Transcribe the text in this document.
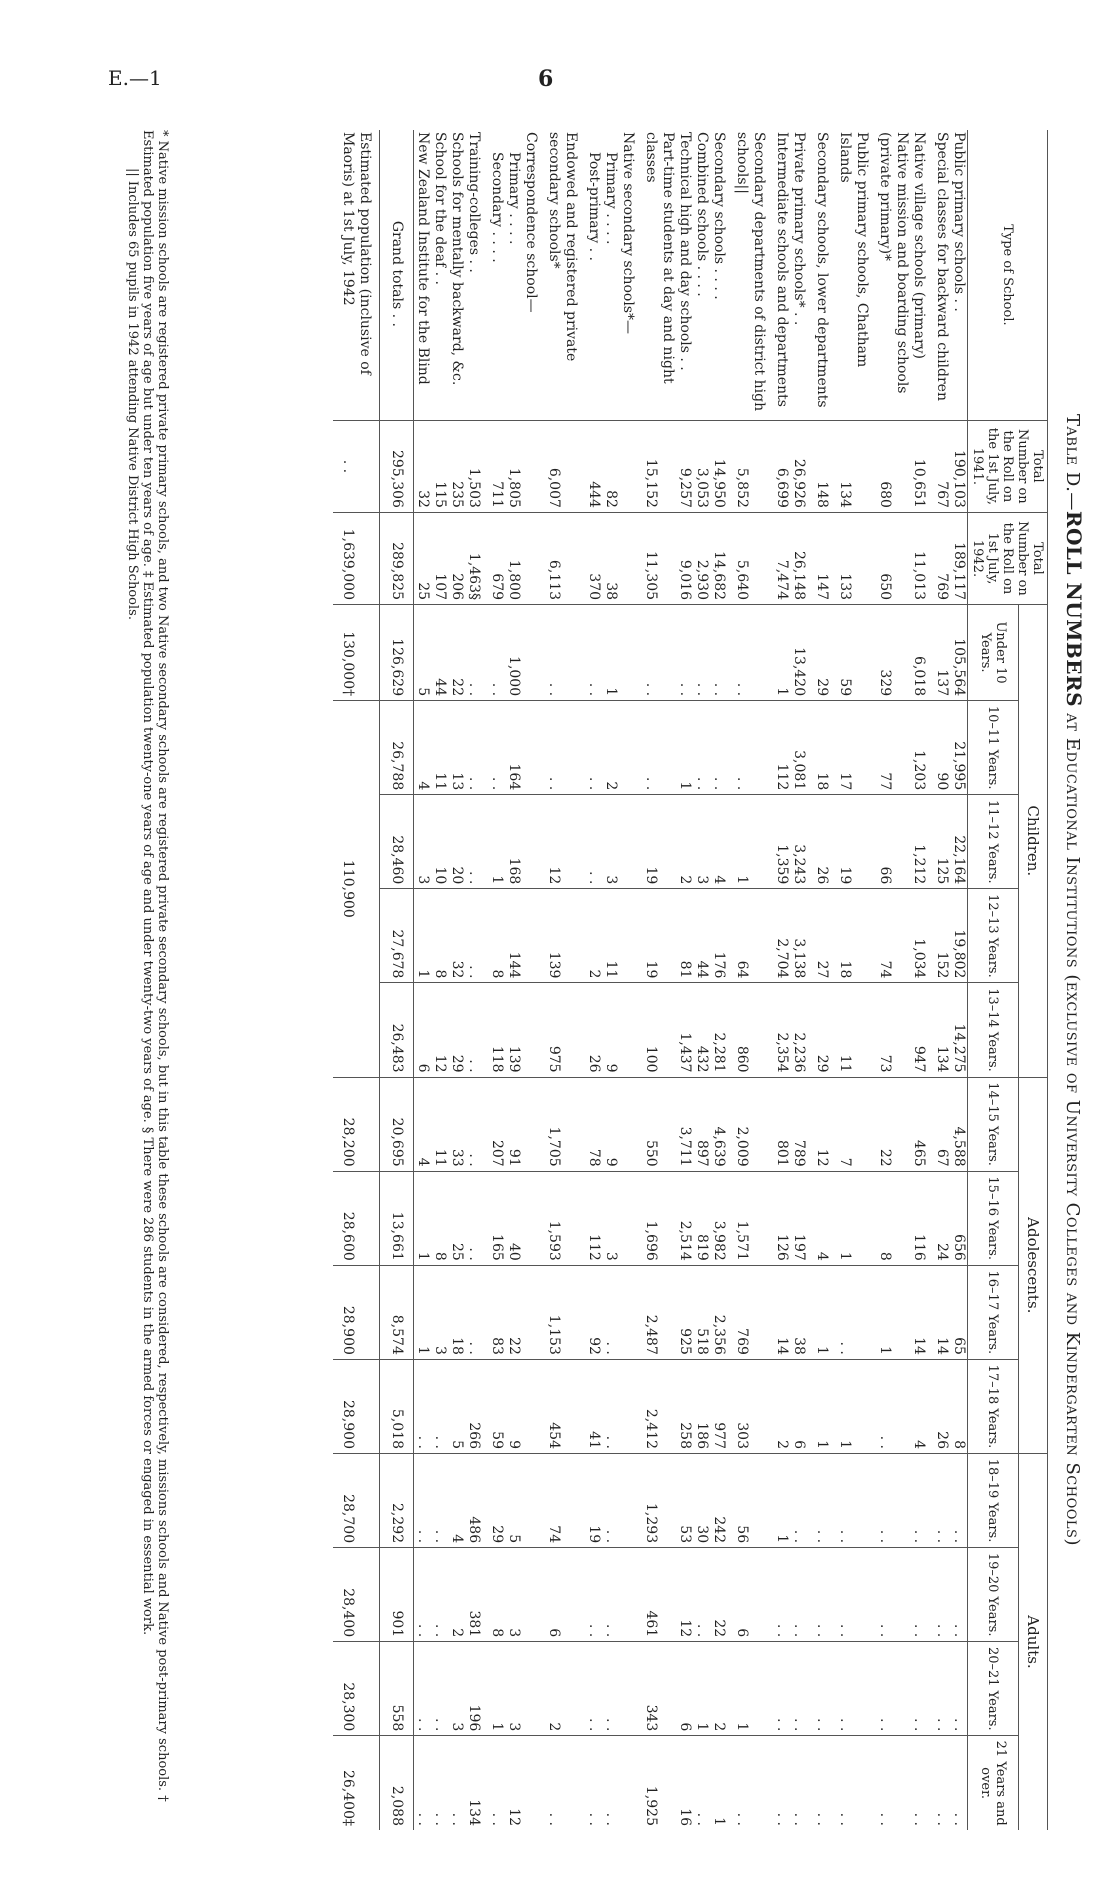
E.—1	6
Table D.—ROLL NUMBERS at Educational Institutions (exclusive of University Colleges and Kindergarten Schools)
Type of School.	Total Number on the Roll on the 1st July, 1941.	Total Number on the Roll on 1st July, 1942.	Children.					Adolescents.				Adults.			
			Under 10 Years.	10–11 Years.	11–12 Years.	12–13 Years.	13–14 Years.	14–15 Years.	15–16 Years.	16–17 Years.	17–18 Years.	18–19 Years.	19–20 Years.	20–21 Years.	21 Years and over.
Public primary schools . .	190,103	189,117	105,564	21,995	22,164	19,802	14,275	4,588	656	65	8	. .	. .	. .	. .
Special classes for backward children	767	769	137	90	125	152	134	67	24	14	26	. .	. .	. .	. .
Native village schools (primary)	10,651	11,013	6,018	1,203	1,212	1,034	947	465	116	14	4	. .	. .	. .	. .
Native mission and boarding schools (private primary)*	680	650	329	77	66	74	73	22	8	1	. .	. .	. .	. .	. .
Public primary schools, Chatham Islands	134	133	59	17	19	18	11	7	1	. .	1	. .	. .	. .	. .
Secondary schools, lower departments	148	147	29	18	26	27	29	12	4	1	1	. .	. .	. .	. .
Private primary schools* . .	26,926	26,148	13,420	3,081	3,243	3,138	2,236	789	197	38	6	. .	. .	. .	. .
Intermediate schools and departments	6,699	7,474	1	112	1,359	2,704	2,354	801	126	14	2	1	. .	. .	. .
Secondary departments of district high schools||	5,852	5,640	. .	. .	1	64	860	2,009	1,571	769	303	56	6	1	. .
Secondary schools . . . .	14,950	14,682	. .	. .	4	176	2,281	4,639	3,982	2,356	977	242	22	2	1
Combined schools . . . .	3,053	2,930	. .	. .	3	44	432	897	819	518	186	30	. .	1	. .
Technical high and day schools . .	9,257	9,016	. .	1	2	81	1,437	3,711	2,514	925	258	53	12	6	16
Part-time students at day and night classes	15,152	11,305	. .	. .	19	19	100	550	1,696	2,487	2,412	1,293	461	343	1,925
Native secondary schools*—															
Primary . . . .	82	38	1	2	3	11	9	9	3	. .	. .	. .	. .	. .	. .
Post-primary . .	444	370	. .	. .	. .	2	26	78	112	92	41	19	. .	. .	. .
Endowed and registered private secondary schools*	6,007	6,113	. .	. .	12	139	975	1,705	1,593	1,153	454	74	6	2	. .
Correspondence school—															
Primary . . . .	1,805	1,800	1,000	164	168	144	139	91	40	22	9	5	3	3	12
Secondary . . . .	711	679	. .	. .	1	8	118	207	165	83	59	29	8	1	. .
Training-colleges . .	1,503	1,463§	. .	. .	. .	. .	. .	. .	. .	. .	266	486	381	196	134
Schools for mentally backward, &c.	235	206	22	13	20	32	29	33	25	18	5	4	2	3	. .
School for the deaf . .	115	107	44	11	10	8	12	11	8	3	. .	. .	. .	. .	. .
New Zealand Institute for the Blind	32	25	5	4	3	1	6	4	1	1	. .	. .	. .	. .	. .
Grand totals . .	295,306	289,825	126,629	26,788	28,460	27,678	26,483	20,695	13,661	8,574	5,018	2,292	901	558	2,088
Estimated population (inclusive of Maoris) at 1st July, 1942	. .	1,639,000	130,000†	110,900				28,200	28,600	28,900	28,900	28,700	28,400	28,300	26,400‡
* Native mission schools are registered private primary schools, and two Native secondary schools are registered private secondary schools, but in this table these schools are considered, respectively, missions schools and Native post-primary schools. † Estimated population five years of age but under ten years of age. ‡ Estimated population twenty-one years of age and under twenty-two years of age. § There were 286 students in the armed forces or engaged in essential work.
|| Includes 65 pupils in 1942 attending Native District High Schools.
